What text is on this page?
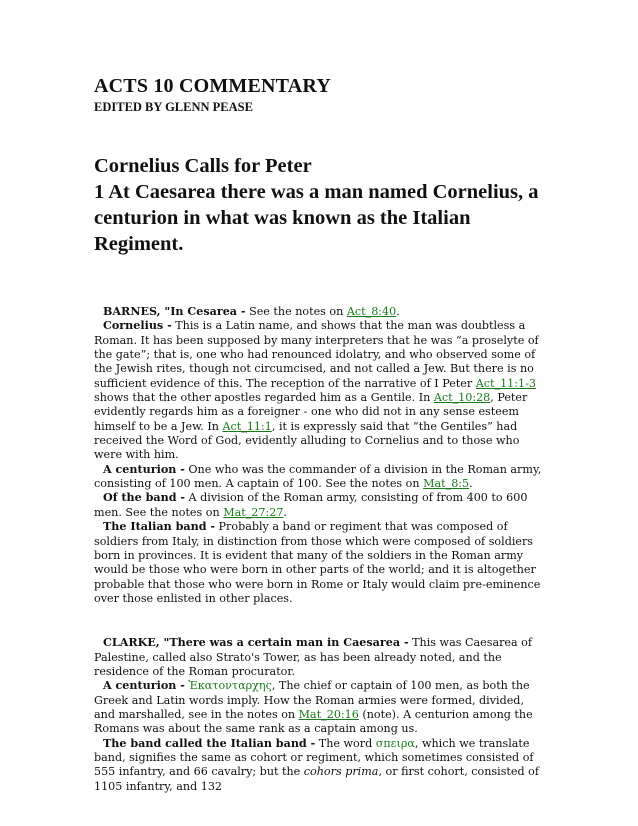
ACTS 10 COMMENTARY
EDITED BY GLENN PEASE
Cornelius Calls for Peter
1 At Caesarea there was a man named Cornelius, a centurion in what was known as the Italian Regiment.

BARNES, "In Cesarea - See the notes on Act_8:40.

Cornelius - This is a Latin name, and shows that the man was doubtless a Roman. It has been supposed by many interpreters that he was “a proselyte of the gate”; that is, one who had renounced idolatry, and who observed some of the Jewish rites, though not circumcised, and not called a Jew. But there is no sufficient evidence of this. The reception of the narrative of I Peter Act_11:1-3 shows that the other apostles regarded him as a Gentile. In Act_10:28, Peter evidently regards him as a foreigner - one who did not in any sense esteem himself to be a Jew. In Act_11:1, it is expressly said that “the Gentiles” had received the Word of God, evidently alluding to Cornelius and to those who were with him.

A centurion - One who was the commander of a division in the Roman army, consisting of 100 men. A captain of 100. See the notes on Mat_8:5.

Of the band - A division of the Roman army, consisting of from 400 to 600 men. See the notes on Mat_27:27.

The Italian band - Probably a band or regiment that was composed of soldiers from Italy, in distinction from those which were composed of soldiers born in provinces. It is evident that many of the soldiers in the Roman army would be those who were born in other parts of the world; and it is altogether probable that those who were born in Rome or Italy would claim pre-eminence over those enlisted in other places.

CLARKE, "There was a certain man in Caesarea - This was Caesarea of Palestine, called also Strato's Tower, as has been already noted, and the residence of the Roman procurator.

A centurion - Ἑκατονταρχης, The chief or captain of 100 men, as both the Greek and Latin words imply. How the Roman armies were formed, divided, and marshalled, see in the notes on Mat_20:16 (note). A centurion among the Romans was about the same rank as a captain among us.

The band called the Italian band - The word σπειρα, which we translate band, signifies the same as cohort or regiment, which sometimes consisted of 555 infantry, and 66 cavalry; but the cohors prima, or first cohort, consisted of 1105 infantry, and 132
